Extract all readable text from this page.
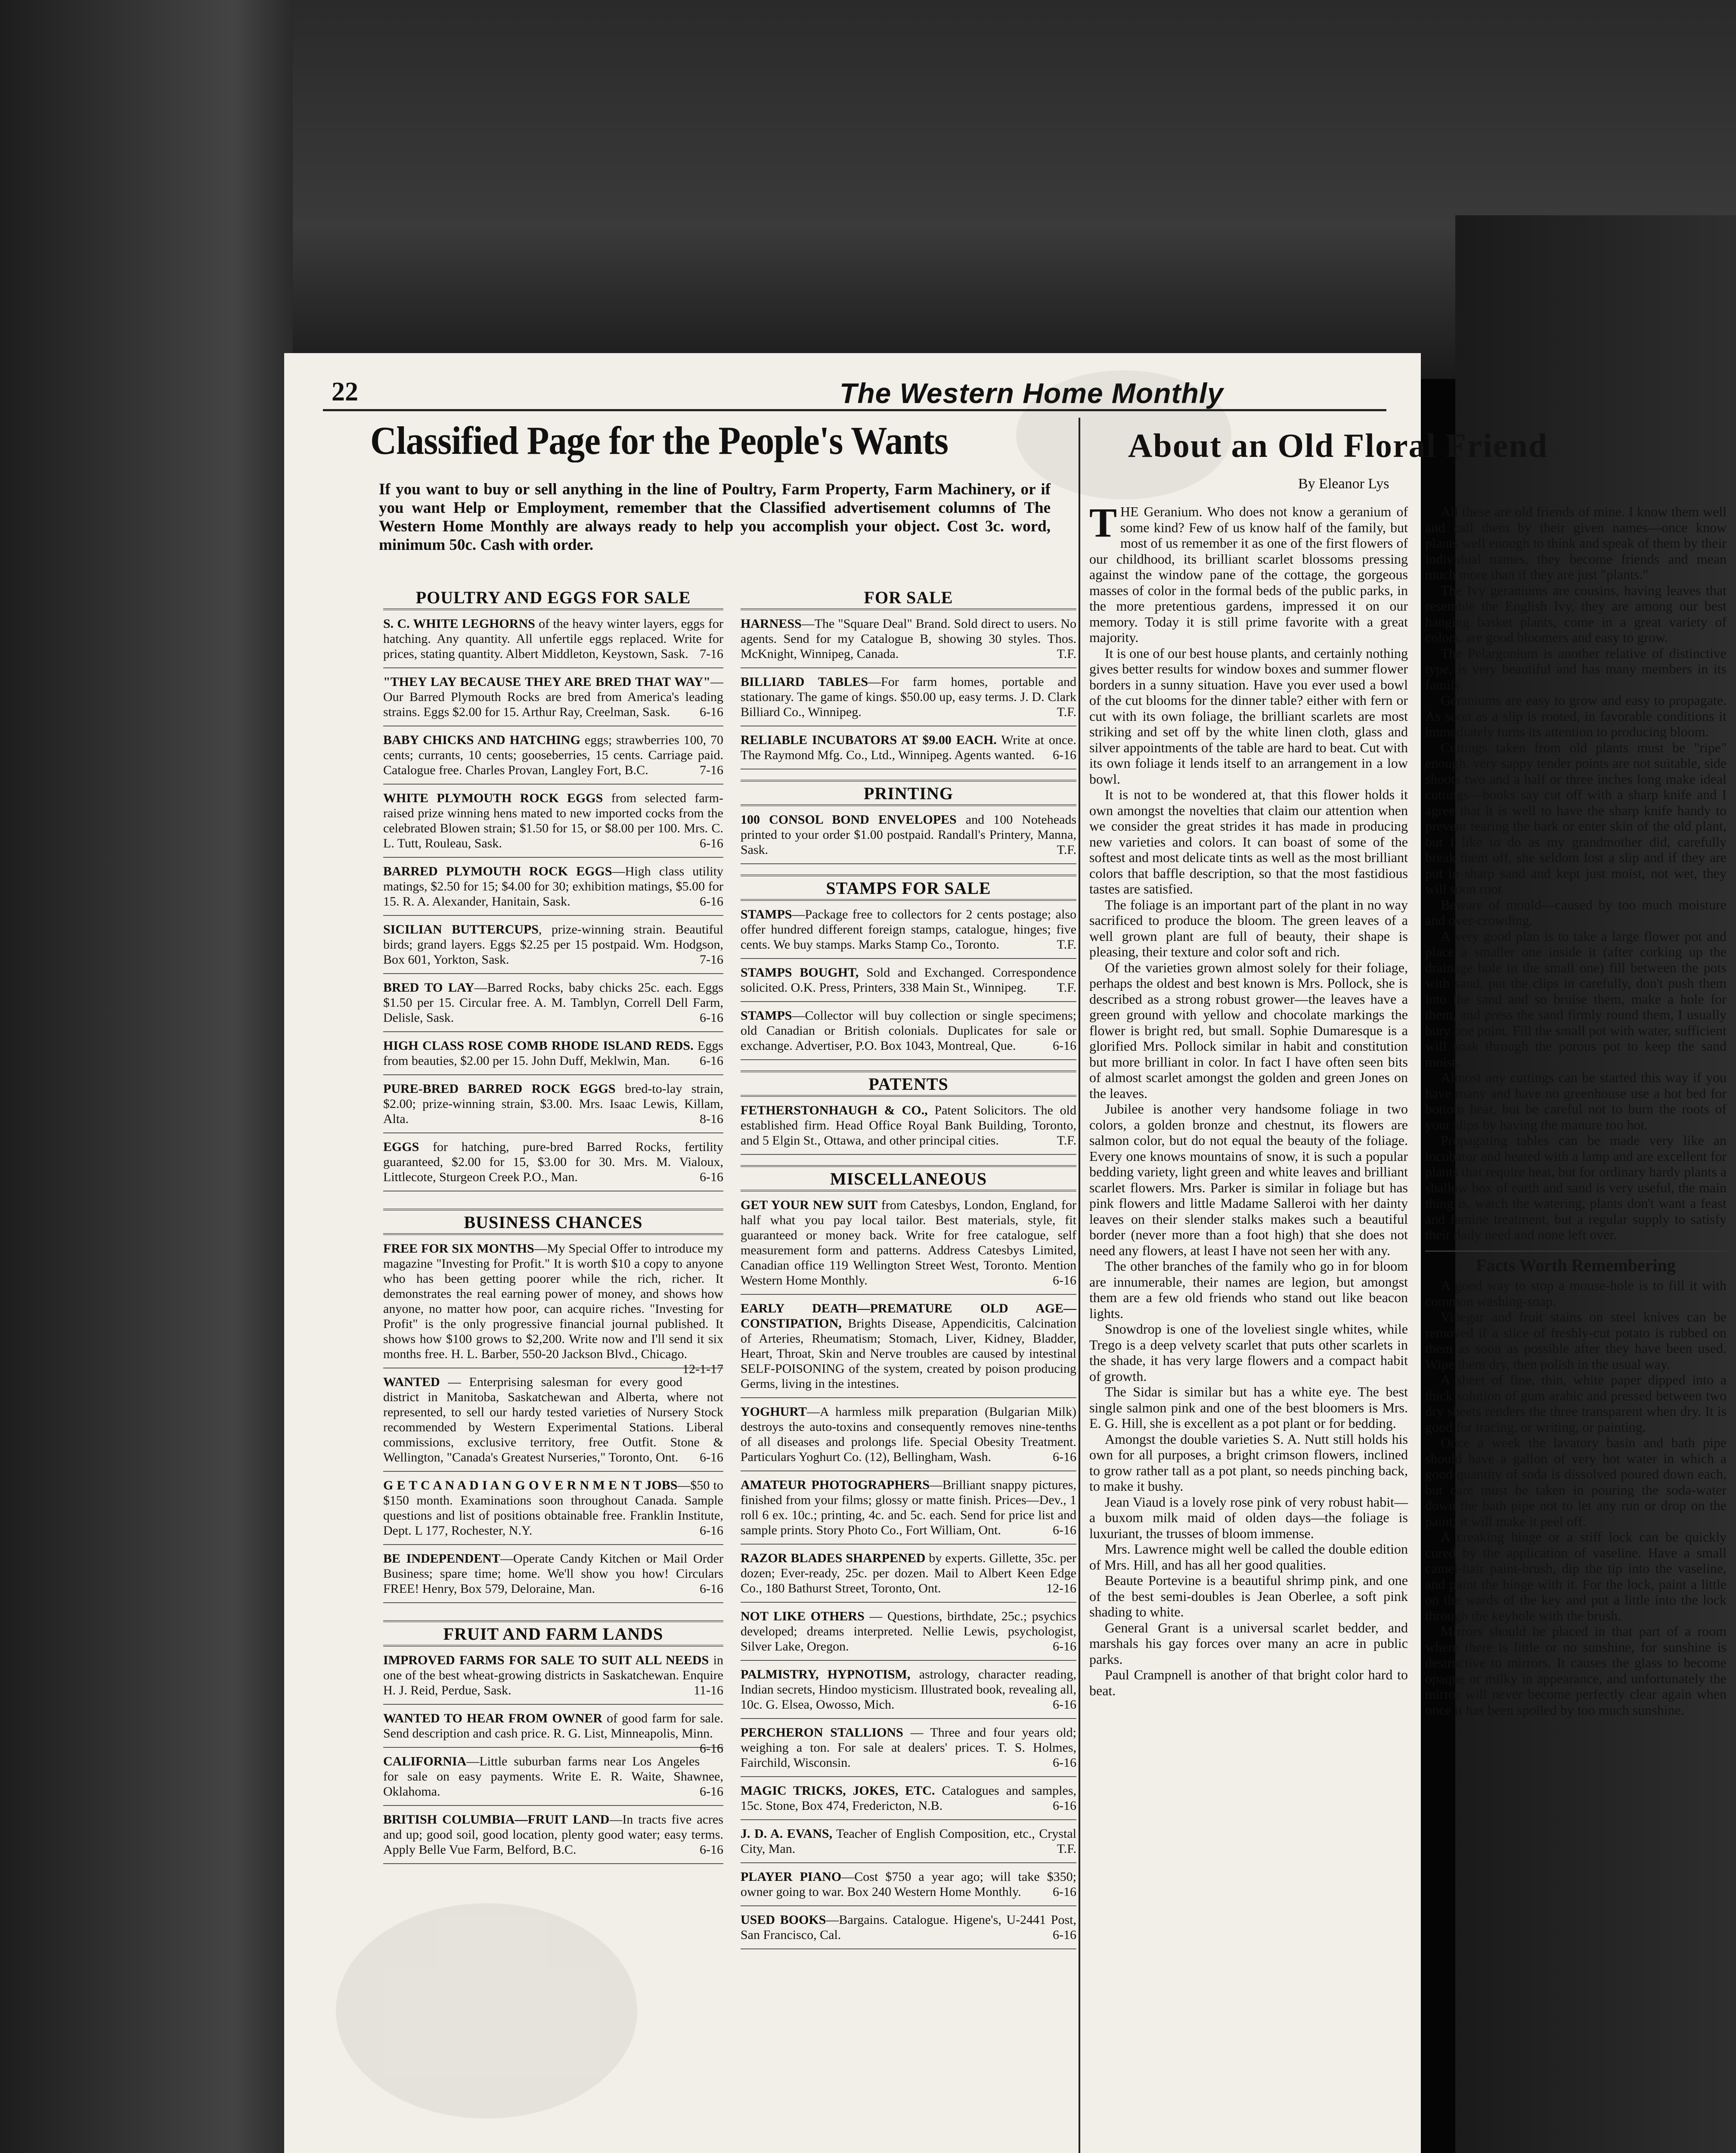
22	The Western Home Monthly
Classified Page for the People's Wants
If you want to buy or sell anything in the line of Poultry, Farm Property, Farm Machinery, or if you want Help or Employment, remember that the Classified advertisement columns of The Western Home Monthly are always ready to help you accomplish your object. Cost 3c. word, minimum 50c. Cash with order.
POULTRY AND EGGS FOR SALE
S. C. WHITE LEGHORNS of the heavy winter layers, eggs for hatching. Any quantity. All unfertile eggs replaced. Write for prices, stating quantity. Albert Middleton, Keystown, Sask. 7-16
"THEY LAY BECAUSE THEY ARE BRED THAT WAY"—Our Barred Plymouth Rocks are bred from America's leading strains. Eggs $2.00 for 15. Arthur Ray, Creelman, Sask. 6-16
BABY CHICKS AND HATCHING eggs; strawberries 100, 70 cents; currants, 10 cents; gooseberries, 15 cents. Carriage paid. Catalogue free. Charles Provan, Langley Fort, B.C.	7-16
WHITE PLYMOUTH ROCK EGGS from selected farm-raised prize winning hens mated to new imported cocks from the celebrated Blowen strain; $1.50 for 15, or $8.00 per 100. Mrs. C. L. Tutt, Rouleau, Sask.	6-16
BARRED PLYMOUTH ROCK EGGS—High class utility matings, $2.50 for 15; $4.00 for 30; exhibition matings, $5.00 for 15. R. A. Alexander, Hanitain, Sask.	6-16
SICILIAN BUTTERCUPS, prize-winning strain. Beautiful birds; grand layers. Eggs $2.25 per 15 postpaid. Wm. Hodgson, Box 601, Yorkton, Sask.	7-16
BRED TO LAY—Barred Rocks, baby chicks 25c. each. Eggs $1.50 per 15. Circular free. A. M. Tamblyn, Correll Dell Farm, Delisle, Sask.	6-16
HIGH CLASS ROSE COMB RHODE ISLAND REDS. Eggs from beauties, $2.00 per 15. John Duff, Meklwin, Man. 6-16
PURE-BRED BARRED ROCK EGGS bred-to-lay strain, $2.00; prize-winning strain, $3.00. Mrs. Isaac Lewis, Killam, Alta.	8-16
EGGS for hatching, pure-bred Barred Rocks, fertility guaranteed, $2.00 for 15, $3.00 for 30. Mrs. M. Vialoux, Littlecote, Sturgeon Creek P.O., Man.	6-16
BUSINESS CHANCES
FREE FOR SIX MONTHS—My Special Offer to introduce my magazine "Investing for Profit." It is worth $10 a copy to anyone who has been getting poorer while the rich, richer. It demonstrates the real earning power of money, and shows how anyone, no matter how poor, can acquire riches. "Investing for Profit" is the only progressive financial journal published. It shows how $100 grows to $2,200. Write now and I'll send it six months free. H. L. Barber, 550-20 Jackson Blvd., Chicago.
12-1-17
WANTED — Enterprising salesman for every good district in Manitoba, Saskatchewan and Alberta, where not represented, to sell our hardy tested varieties of Nursery Stock recommended by Western Experimental Stations. Liberal commissions, exclusive territory, free Outfit. Stone & Wellington, "Canada's Greatest Nurseries," Toronto, Ont. 6-16
G E T C A N A D I A N G O V E R N M E N T JOBS—$50 to $150 month. Examinations soon throughout Canada. Sample questions and list of positions obtainable free. Franklin Institute, Dept. L 177, Rochester, N.Y.	6-16
BE INDEPENDENT—Operate Candy Kitchen or Mail Order Business; spare time; home. We'll show you how! Circulars FREE! Henry, Box 579, Deloraine, Man.	6-16
FRUIT AND FARM LANDS
IMPROVED FARMS FOR SALE TO SUIT ALL NEEDS in one of the best wheat-growing districts in Saskatchewan. Enquire H. J. Reid, Perdue, Sask.	11-16
WANTED TO HEAR FROM OWNER of good farm for sale. Send description and cash price. R. G. List, Minneapolis, Minn.
6-16
CALIFORNIA—Little suburban farms near Los Angeles for sale on easy payments. Write E. R. Waite, Shawnee, Oklahoma.	6-16
BRITISH COLUMBIA—FRUIT LAND—In tracts five acres and up; good soil, good location, plenty good water; easy terms. Apply Belle Vue Farm, Belford, B.C.	6-16
FOR SALE
HARNESS—The "Square Deal" Brand. Sold direct to users. No agents. Send for my Catalogue B, showing 30 styles. Thos. McKnight, Winnipeg, Canada.	T.F.
BILLIARD TABLES—For farm homes, portable and stationary. The game of kings. $50.00 up, easy terms. J. D. Clark Billiard Co., Winnipeg.	T.F.
RELIABLE INCUBATORS AT $9.00 EACH. Write at once. The Raymond Mfg. Co., Ltd., Winnipeg. Agents wanted. 6-16
PRINTING
100 CONSOL BOND ENVELOPES and 100 Noteheads printed to your order $1.00 postpaid. Randall's Printery, Manna, Sask.	T.F.
STAMPS FOR SALE
STAMPS—Package free to collectors for 2 cents postage; also offer hundred different foreign stamps, catalogue, hinges; five cents. We buy stamps. Marks Stamp Co., Toronto.	T.F.
STAMPS BOUGHT, Sold and Exchanged. Correspondence solicited. O.K. Press, Printers, 338 Main St., Winnipeg. T.F.
STAMPS—Collector will buy collection or single specimens; old Canadian or British colonials. Duplicates for sale or exchange. Advertiser, P.O. Box 1043, Montreal, Que.	6-16
PATENTS
FETHERSTONHAUGH & CO., Patent Solicitors. The old established firm. Head Office Royal Bank Building, Toronto, and 5 Elgin St., Ottawa, and other principal cities.	T.F.
MISCELLANEOUS
GET YOUR NEW SUIT from Catesbys, London, England, for half what you pay local tailor. Best materials, style, fit guaranteed or money back. Write for free catalogue, self measurement form and patterns. Address Catesbys Limited, Canadian office 119 Wellington Street West, Toronto. Mention Western Home Monthly.	6-16
EARLY DEATH—PREMATURE OLD AGE—CONSTIPATION, Brights Disease, Appendicitis, Calcination of Arteries, Rheumatism; Stomach, Liver, Kidney, Bladder, Heart, Throat, Skin and Nerve troubles are caused by intestinal SELF-POISONING of the system, created by poison producing Germs, living in the intestines.
YOGHURT—A harmless milk preparation (Bulgarian Milk) destroys the auto-toxins and consequently removes nine-tenths of all diseases and prolongs life. Special Obesity Treatment. Particulars Yoghurt Co. (12), Bellingham, Wash.	6-16
AMATEUR PHOTOGRAPHERS—Brilliant snappy pictures, finished from your films; glossy or matte finish. Prices—Dev., 1 roll 6 ex. 10c.; printing, 4c. and 5c. each. Send for price list and sample prints. Story Photo Co., Fort William, Ont.	6-16
RAZOR BLADES SHARPENED by experts. Gillette, 35c. per dozen; Ever-ready, 25c. per dozen. Mail to Albert Keen Edge Co., 180 Bathurst Street, Toronto, Ont.	12-16
NOT LIKE OTHERS — Questions, birthdate, 25c.; psychics developed; dreams interpreted. Nellie Lewis, psychologist, Silver Lake, Oregon.	6-16
PALMISTRY, HYPNOTISM, astrology, character reading, Indian secrets, Hindoo mysticism. Illustrated book, revealing all, 10c. G. Elsea, Owosso, Mich.	6-16
PERCHERON STALLIONS — Three and four years old; weighing a ton. For sale at dealers' prices. T. S. Holmes, Fairchild, Wisconsin.	6-16
MAGIC TRICKS, JOKES, ETC. Catalogues and samples, 15c. Stone, Box 474, Fredericton, N.B.	6-16
J. D. A. EVANS, Teacher of English Composition, etc., Crystal City, Man.	T.F.
PLAYER PIANO—Cost $750 a year ago; will take $350; owner going to war. Box 240 Western Home Monthly. 6-16
USED BOOKS—Bargains. Catalogue. Higene's, U-2441 Post, San Francisco, Cal.	6-16
About an Old Floral Friend
By Eleanor Lys
T HE Geranium. Who does not know a geranium of some kind? Few of us know half of the family, but most of us remember it as one of the first flowers of our childhood, its brilliant scarlet blossoms pressing against the window pane of the cottage, the gorgeous masses of color in the formal beds of the public parks, in the more pretentious gardens, impressed it on our memory. Today it is still prime favorite with a great majority.

It is one of our best house plants, and certainly nothing gives better results for window boxes and summer flower borders in a sunny situation. Have you ever used a bowl of the cut blooms for the dinner table? either with fern or cut with its own foliage, the brilliant scarlets are most striking and set off by the white linen cloth, glass and silver appointments of the table are hard to beat. Cut with its own foliage it lends itself to an arrangement in a low bowl.

It is not to be wondered at, that this flower holds it own amongst the novelties that claim our attention when we consider the great strides it has made in producing new varieties and colors. It can boast of some of the softest and most delicate tints as well as the most brilliant colors that baffle description, so that the most fastidious tastes are satisfied.

The foliage is an important part of the plant in no way sacrificed to produce the bloom. The green leaves of a well grown plant are full of beauty, their shape is pleasing, their texture and color soft and rich.

Of the varieties grown almost solely for their foliage, perhaps the oldest and best known is Mrs. Pollock, she is described as a strong robust grower—the leaves have a green ground with yellow and chocolate markings the flower is bright red, but small. Sophie Dumaresque is a glorified Mrs. Pollock similar in habit and constitution but more brilliant in color. In fact I have often seen bits of almost scarlet amongst the golden and green Jones on the leaves.

Jubilee is another very handsome foliage in two colors, a golden bronze and chestnut, its flowers are salmon color, but do not equal the beauty of the foliage. Every one knows mountains of snow, it is such a popular bedding variety, light green and white leaves and brilliant scarlet flowers. Mrs. Parker is similar in foliage but has pink flowers and little Madame Salleroi with her dainty leaves on their slender stalks makes such a beautiful border (never more than a foot high) that she does not need any flowers, at least I have not seen her with any.

The other branches of the family who go in for bloom are innumerable, their names are legion, but amongst them are a few old friends who stand out like beacon lights.

Snowdrop is one of the loveliest single whites, while Trego is a deep velvety scarlet that puts other scarlets in the shade, it has very large flowers and a compact habit of growth.

The Sidar is similar but has a white eye. The best single salmon pink and one of the best bloomers is Mrs. E. G. Hill, she is excellent as a pot plant or for bedding.

Amongst the double varieties S. A. Nutt still holds his own for all purposes, a bright crimson flowers, inclined to grow rather tall as a pot plant, so needs pinching back, to make it bushy.

Jean Viaud is a lovely rose pink of very robust habit—a buxom milk maid of olden days—the foliage is luxuriant, the trusses of bloom immense.

Mrs. Lawrence might well be called the double edition of Mrs. Hill, and has all her good qualities.

Beaute Portevine is a beautiful shrimp pink, and one of the best semi-doubles is Jean Oberlee, a soft pink shading to white.

General Grant is a universal scarlet bedder, and marshals his gay forces over many an acre in public parks.

Paul Crampnell is another of that bright color hard to beat.

All these are old friends of mine. I know them well and call them by their given names—once know plants well enough to think and speak of them by their individual names, they become friends and mean much more than if they are just "plants."

The Ivy geraniums are cousins, having leaves that resemble the English Ivy, they are among our best hanging basket plants, come in a great variety of colors, are good bloomers and easy to grow.

The Pelargonium is another relative of distinctive type, is very beautiful and has many members in its family.

Geraniums are easy to grow and easy to propagate. As soon as a slip is rooted, in favorable conditions it immediately turns its attention to producing bloom.

Cuttings taken from old plants must be "ripe" enough, very sappy tender points are not suitable, side shoots two and a half or three inches long make ideal cuttings—books say cut off with a sharp knife and I agree that it is well to have the sharp knife handy to prevent tearing the bark or enter skin of the old plant, but I like to do as my grandmother did, carefully break them off, she seldom lost a slip and if they are put in sharp sand and kept just moist, not wet, they will soon root

Beware of mould—caused by too much moisture and over-crowding.

A very good plan is to take a large flower pot and place a smaller one inside it (after corking up the drainage hole in the small one) fill between the pots with sand, put the clips in carefully, don't push them into the sand and so bruise them, make a hole for them, and press the sand firmly round them, I usually bury one point. Fill the small pot with water, sufficient will soak through the porous pot to keep the sand moist.

Almost any cuttings can be started this way if you have many and have no greenhouse use a hot bed for bottom heat, but be careful not to burn the roots of your slips by having the manure too hot.

Propagating tables can be made very like an incubator and heated with a lamp and are excellent for plants that require heat, but for ordinary hardy plants a shallow box of earth and sand is very useful, the main thing is, watch the watering, plants don't want a feast and famine treatment, but a regular supply to satisfy their daily need and none left over.

Facts Worth Remembering

A good way to stop a mouse-hole is to fill it with common washing-soap.

Vinegar and fruit stains on steel knives can be removed if a slice of freshly-cut potato is rubbed on them as soon as possible after they have been used. Wipe them dry, then polish in the usual way.

A sheet of fine, thin, white paper dipped into a thick solution of gum arabic and pressed between two dry sheets renders the three transparent when dry. It is good for tracing, or writing, or painting.

Once a week the lavatory basin and bath pipe should have a gallon of very hot water in which a good quantity of soda is dissolved poured down each, but care must be taken in pouring the soda-water down the bath pipe not to let any run or drop on the paint; it will make it peel off.

A creaking hinge or a stiff lock can be quickly cured by the application of vaseline. Have a small camel-hair paint-brush, dip the tip into the vaseline, and paint the hinge with it. For the lock, paint a little on the wards of the key and put a little into the lock through the keyhole with the brush.

Mirrors should be placed in that part of a room where there is little or no sunshine, for sunshine is destructive to mirrors. It causes the glass to become opaque or milky in appearance, and unfortunately the mirror will never become perfectly clear again when once it has been spoiled by too much sunshine.
